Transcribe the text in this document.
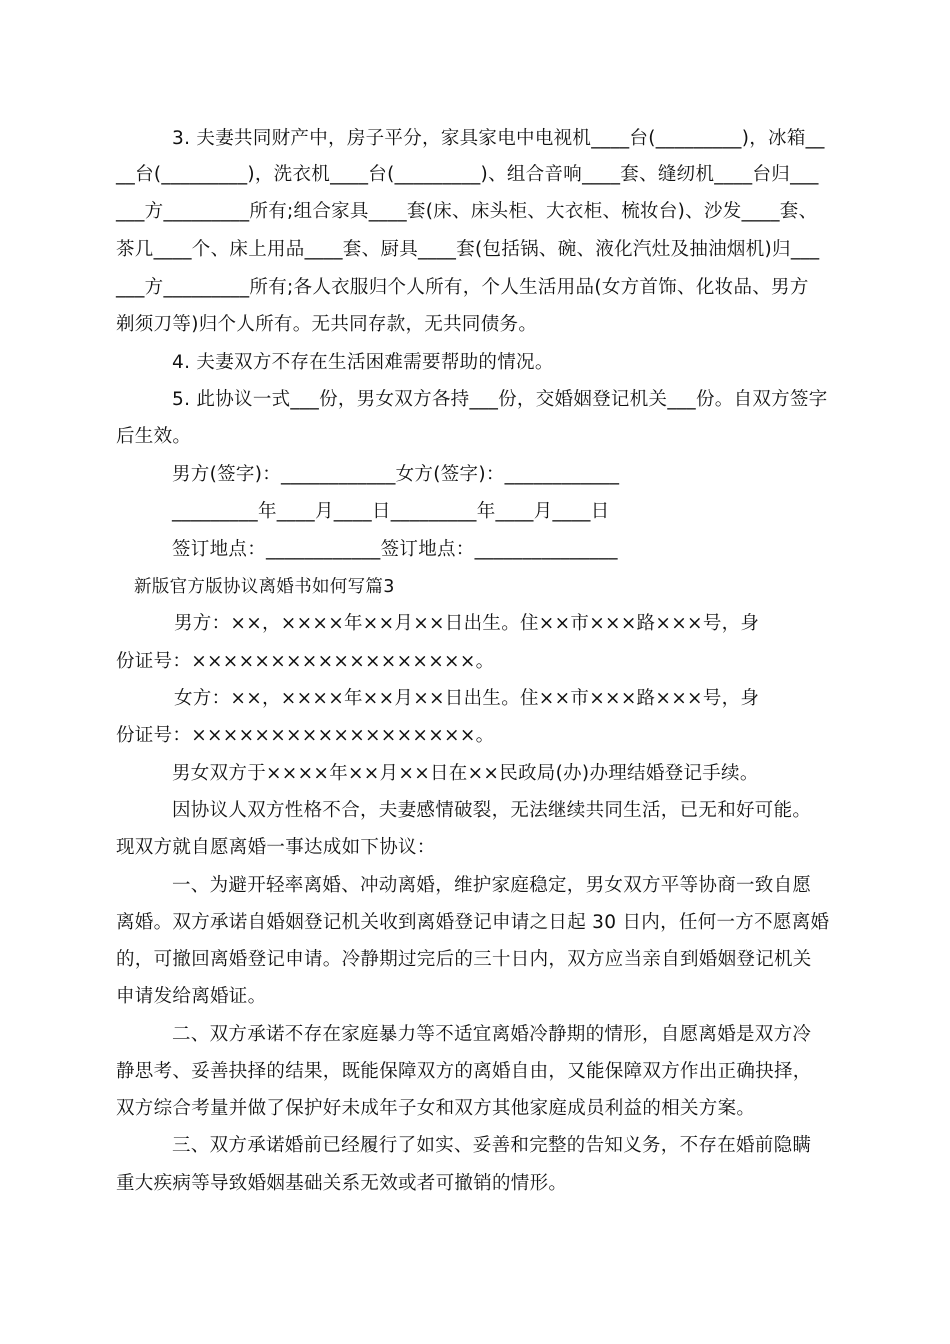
3. 夫妻共同财产中，房子平分，家具家电中电视机____台(_________)，冰箱__
__台(_________)，洗衣机____台(_________)、组合音响____套、缝纫机____台归___
___方_________所有;组合家具____套(床、床头柜、大衣柜、梳妆台)、沙发____套、
茶几____个、床上用品____套、厨具____套(包括锅、碗、液化汽灶及抽油烟机)归___
___方_________所有;各人衣服归个人所有，个人生活用品(女方首饰、化妆品、男方
剃须刀等)归个人所有。无共同存款，无共同债务。
4. 夫妻双方不存在生活困难需要帮助的情况。
5. 此协议一式___份，男女双方各持___份，交婚姻登记机关___份。自双方签字
后生效。
男方(签字)：____________女方(签字)：____________
_________年____月____日_________年____月____日
签订地点：____________签订地点：_______________
新版官方版协议离婚书如何写篇3
男方：××，××××年××月××日出生。住××市×××路×××号，身
份证号：××××××××××××××××××。
女方：××，××××年××月××日出生。住××市×××路×××号，身
份证号：××××××××××××××××××。
男女双方于××××年××月××日在××民政局(办)办理结婚登记手续。
因协议人双方性格不合，夫妻感情破裂，无法继续共同生活，已无和好可能。
现双方就自愿离婚一事达成如下协议：
一、为避开轻率离婚、冲动离婚，维护家庭稳定，男女双方平等协商一致自愿
离婚。双方承诺自婚姻登记机关收到离婚登记申请之日起 30 日内，任何一方不愿离婚
的，可撤回离婚登记申请。冷静期过完后的三十日内，双方应当亲自到婚姻登记机关
申请发给离婚证。
二、双方承诺不存在家庭暴力等不适宜离婚冷静期的情形，自愿离婚是双方冷
静思考、妥善抉择的结果，既能保障双方的离婚自由，又能保障双方作出正确抉择，
双方综合考量并做了保护好未成年子女和双方其他家庭成员利益的相关方案。
三、双方承诺婚前已经履行了如实、妥善和完整的告知义务，不存在婚前隐瞒
重大疾病等导致婚姻基础关系无效或者可撤销的情形。
